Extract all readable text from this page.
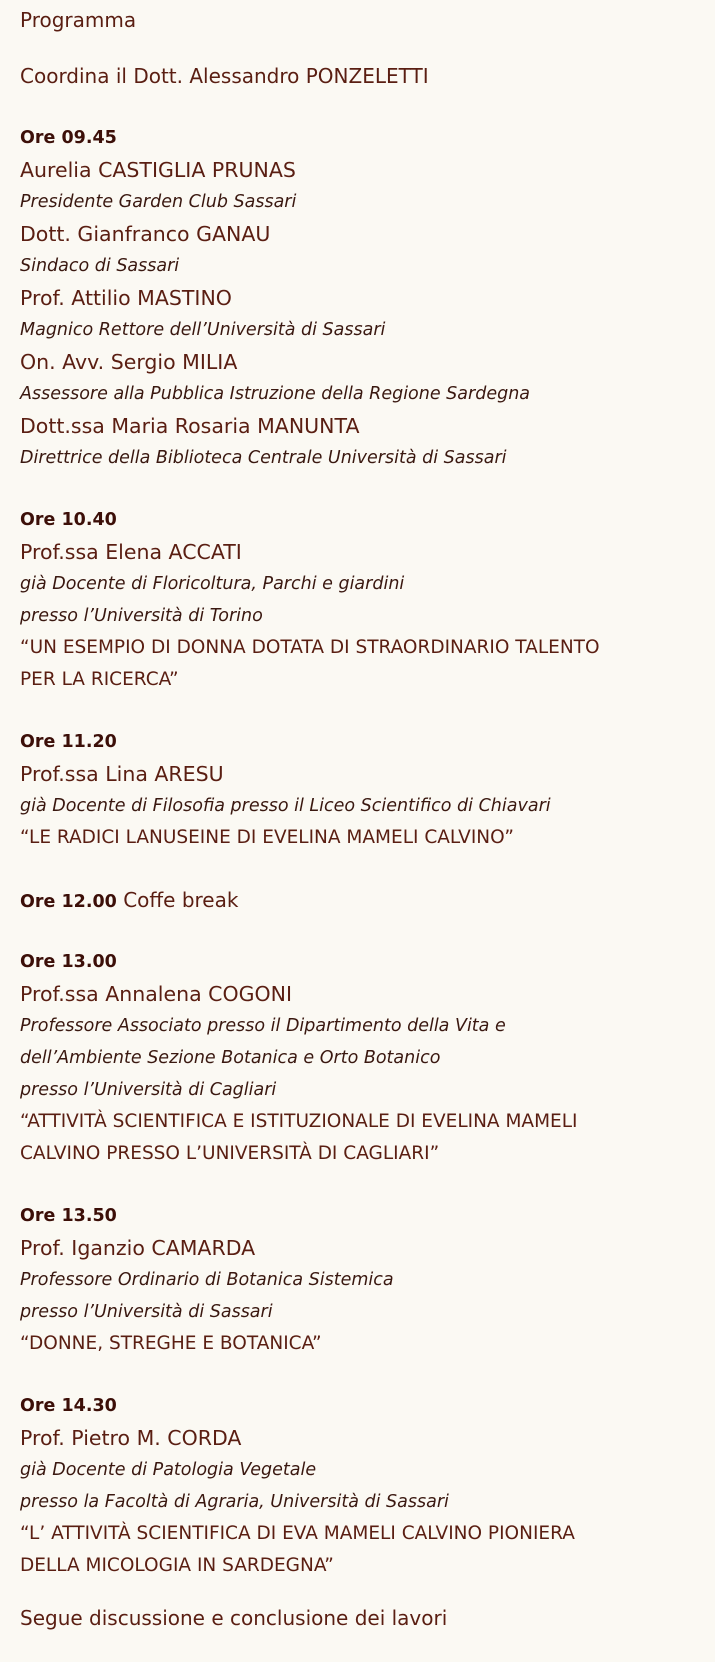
Programma
Coordina il Dott. Alessandro PONZELETTI
Ore 09.45
Aurelia CASTIGLIA PRUNAS
Presidente Garden Club Sassari
Dott. Gianfranco GANAU
Sindaco di Sassari
Prof. Attilio MASTINO
Magnico Rettore dell’Università di Sassari
On. Avv. Sergio MILIA
Assessore alla Pubblica Istruzione della Regione Sardegna
Dott.ssa Maria Rosaria MANUNTA
Direttrice della Biblioteca Centrale Università di Sassari
Ore 10.40
Prof.ssa Elena ACCATI
già Docente di Floricoltura, Parchi e giardini
presso l’Università di Torino
“UN ESEMPIO DI DONNA DOTATA DI STRAORDINARIO TALENTO
PER LA RICERCA”
Ore 11.20
Prof.ssa Lina ARESU
già Docente di Filosofia presso il Liceo Scientifico di Chiavari
“LE RADICI LANUSEINE DI EVELINA MAMELI CALVINO”
Ore 12.00 Coffe break
Ore 13.00
Prof.ssa Annalena COGONI
Professore Associato presso il Dipartimento della Vita e
dell’Ambiente Sezione Botanica e Orto Botanico
presso l’Università di Cagliari
“ATTIVITÀ SCIENTIFICA E ISTITUZIONALE DI EVELINA MAMELI
CALVINO PRESSO L’UNIVERSITÀ DI CAGLIARI”
Ore 13.50
Prof. Iganzio CAMARDA
Professore Ordinario di Botanica Sistemica
presso l’Università di Sassari
“DONNE, STREGHE E BOTANICA”
Ore 14.30
Prof. Pietro M. CORDA
già Docente di Patologia Vegetale
presso la Facoltà di Agraria, Università di Sassari
“L’ ATTIVITÀ SCIENTIFICA DI EVA MAMELI CALVINO PIONIERA
DELLA MICOLOGIA IN SARDEGNA”
Segue discussione e conclusione dei lavori
